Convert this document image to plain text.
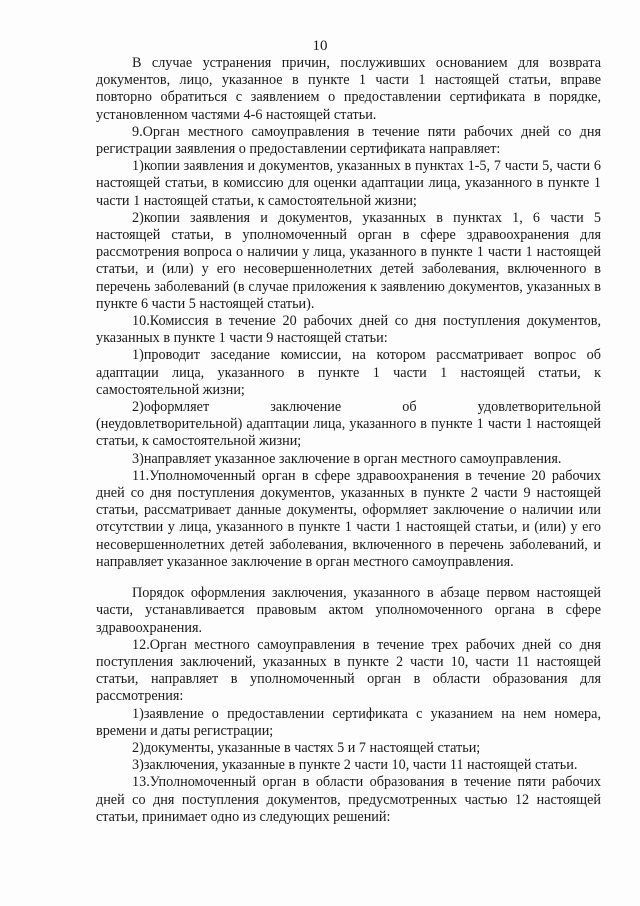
10

В случае устранения причин, послуживших основанием для возврата документов, лицо, указанное в пункте 1 части 1 настоящей статьи, вправе повторно обратиться с заявлением о предоставлении сертификата в порядке, установленном частями 4-6 настоящей статьи.

9.Орган местного самоуправления в течение пяти рабочих дней со дня регистрации заявления о предоставлении сертификата направляет:

1)копии заявления и документов, указанных в пунктах 1-5, 7 части 5, части 6 настоящей статьи, в комиссию для оценки адаптации лица, указанного в пункте 1 части 1 настоящей статьи, к самостоятельной жизни;

2)копии заявления и документов, указанных в пунктах 1, 6 части 5 настоящей статьи, в уполномоченный орган в сфере здравоохранения для рассмотрения вопроса о наличии у лица, указанного в пункте 1 части 1 настоящей статьи, и (или) у его несовершеннолетних детей заболевания, включенного в перечень заболеваний (в случае приложения к заявлению документов, указанных в пункте 6 части 5 настоящей статьи).

10.Комиссия в течение 20 рабочих дней со дня поступления документов, указанных в пункте 1 части 9 настоящей статьи:

1)проводит заседание комиссии, на котором рассматривает вопрос об адаптации лица, указанного в пункте 1 части 1 настоящей статьи, к самостоятельной жизни;

2)оформляет заключение об удовлетворительной

(неудовлетворительной) адаптации лица, указанного в пункте 1 части 1 настоящей статьи, к самостоятельной жизни;

3)направляет указанное заключение в орган местного самоуправления.

11.Уполномоченный орган в сфере здравоохранения в течение 20 рабочих дней со дня поступления документов, указанных в пункте 2 части 9 настоящей статьи, рассматривает данные документы, оформляет заключение о наличии или отсутствии у лица, указанного в пункте 1 части 1 настоящей статьи, и (или) у его несовершеннолетних детей заболевания, включенного в перечень заболеваний, и направляет указанное заключение в орган местного самоуправления.

Порядок оформления заключения, указанного в абзаце первом настоящей части, устанавливается правовым актом уполномоченного органа в сфере здравоохранения.

12.Орган местного самоуправления в течение трех рабочих дней со дня поступления заключений, указанных в пункте 2 части 10, части 11 настоящей статьи, направляет в уполномоченный орган в области образования для рассмотрения:

1)заявление о предоставлении сертификата с указанием на нем номера, времени и даты регистрации;

2)документы, указанные в частях 5 и 7 настоящей статьи;

3)заключения, указанные в пункте 2 части 10, части 11 настоящей статьи.

13.Уполномоченный орган в области образования в течение пяти рабочих дней со дня поступления документов, предусмотренных частью 12 настоящей статьи, принимает одно из следующих решений:
